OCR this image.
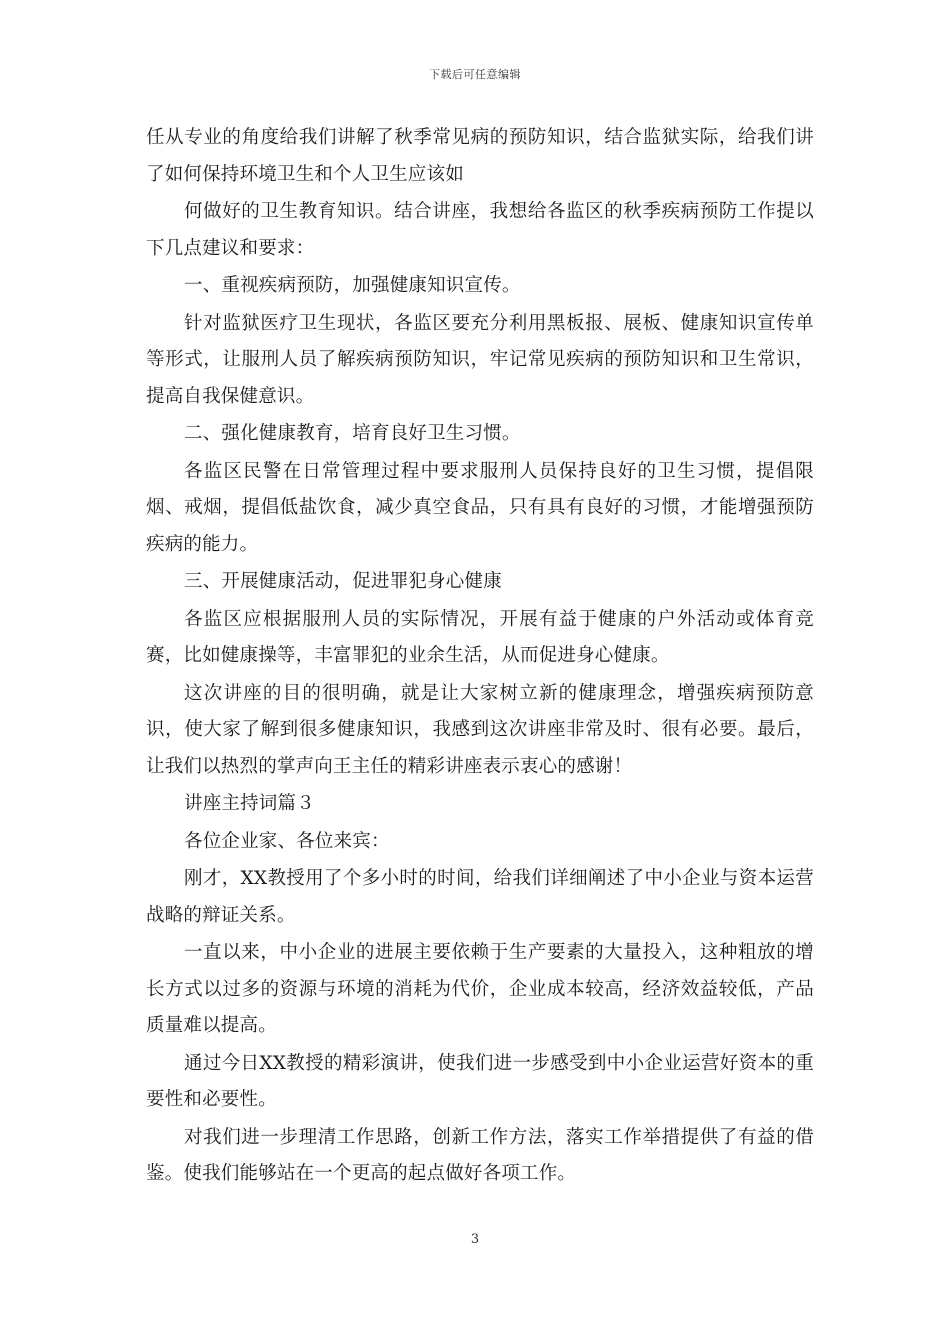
下载后可任意编辑

任从专业的角度给我们讲解了秋季常见病的预防知识，结合监狱实际，给我们讲了如何保持环境卫生和个人卫生应该如

何做好的卫生教育知识。结合讲座，我想给各监区的秋季疾病预防工作提以下几点建议和要求：

一、重视疾病预防，加强健康知识宣传。

针对监狱医疗卫生现状，各监区要充分利用黑板报、展板、健康知识宣传单等形式，让服刑人员了解疾病预防知识，牢记常见疾病的预防知识和卫生常识，提高自我保健意识。

二、强化健康教育，培育良好卫生习惯。

各监区民警在日常管理过程中要求服刑人员保持良好的卫生习惯，提倡限烟、戒烟，提倡低盐饮食，减少真空食品，只有具有良好的习惯，才能增强预防疾病的能力。

三、开展健康活动，促进罪犯身心健康

各监区应根据服刑人员的实际情况，开展有益于健康的户外活动或体育竞赛，比如健康操等，丰富罪犯的业余生活，从而促进身心健康。

这次讲座的目的很明确，就是让大家树立新的健康理念，增强疾病预防意识，使大家了解到很多健康知识，我感到这次讲座非常及时、很有必要。最后，让我们以热烈的掌声向王主任的精彩讲座表示衷心的感谢！

讲座主持词篇３

各位企业家、各位来宾：

刚才，XX教授用了个多小时的时间，给我们详细阐述了中小企业与资本运营战略的辩证关系。

一直以来，中小企业的进展主要依赖于生产要素的大量投入，这种粗放的增长方式以过多的资源与环境的消耗为代价，企业成本较高，经济效益较低，产品质量难以提高。

通过今日XX教授的精彩演讲，使我们进一步感受到中小企业运营好资本的重要性和必要性。

对我们进一步理清工作思路，创新工作方法，落实工作举措提供了有益的借鉴。使我们能够站在一个更高的起点做好各项工作。

3
